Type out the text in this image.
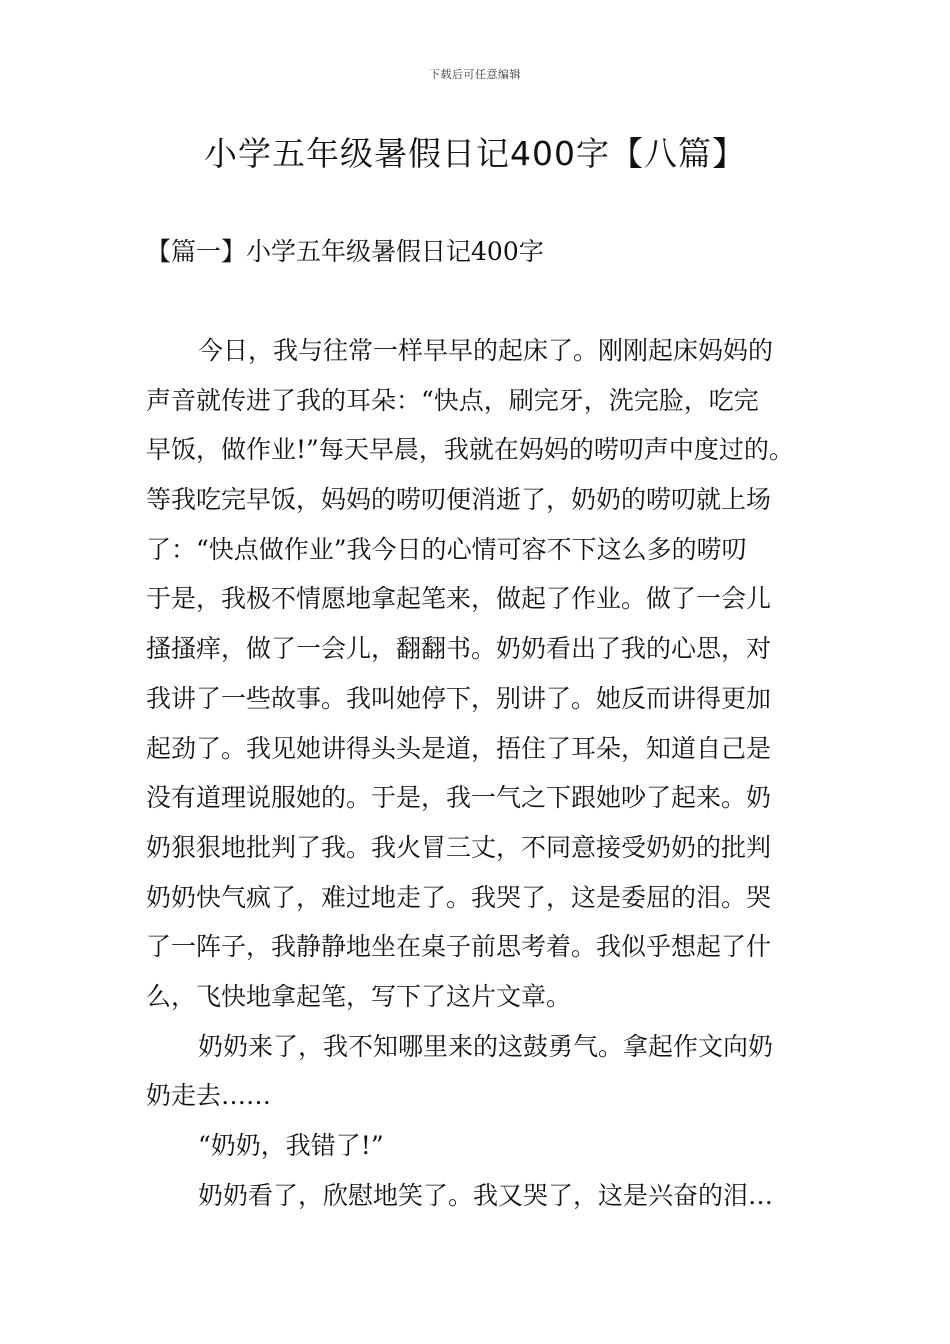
下载后可任意编辑
小学五年级暑假日记400字【八篇】
【篇一】小学五年级暑假日记400字
今日，我与往常一样早早的起床了。刚刚起床妈妈的
声音就传进了我的耳朵：“快点，刷完牙，洗完脸，吃完
早饭，做作业!”每天早晨，我就在妈妈的唠叨声中度过的。
等我吃完早饭，妈妈的唠叨便消逝了，奶奶的唠叨就上场
了：“快点做作业”我今日的心情可容不下这么多的唠叨
于是，我极不情愿地拿起笔来，做起了作业。做了一会儿
搔搔痒，做了一会儿，翻翻书。奶奶看出了我的心思，对
我讲了一些故事。我叫她停下，别讲了。她反而讲得更加
起劲了。我见她讲得头头是道，捂住了耳朵，知道自己是
没有道理说服她的。于是，我一气之下跟她吵了起来。奶
奶狠狠地批判了我。我火冒三丈，不同意接受奶奶的批判
奶奶快气疯了，难过地走了。我哭了，这是委屈的泪。哭
了一阵子，我静静地坐在桌子前思考着。我似乎想起了什
么，飞快地拿起笔，写下了这片文章。
奶奶来了，我不知哪里来的这鼓勇气。拿起作文向奶
奶走去……
“奶奶，我错了!”
奶奶看了，欣慰地笑了。我又哭了，这是兴奋的泪…
